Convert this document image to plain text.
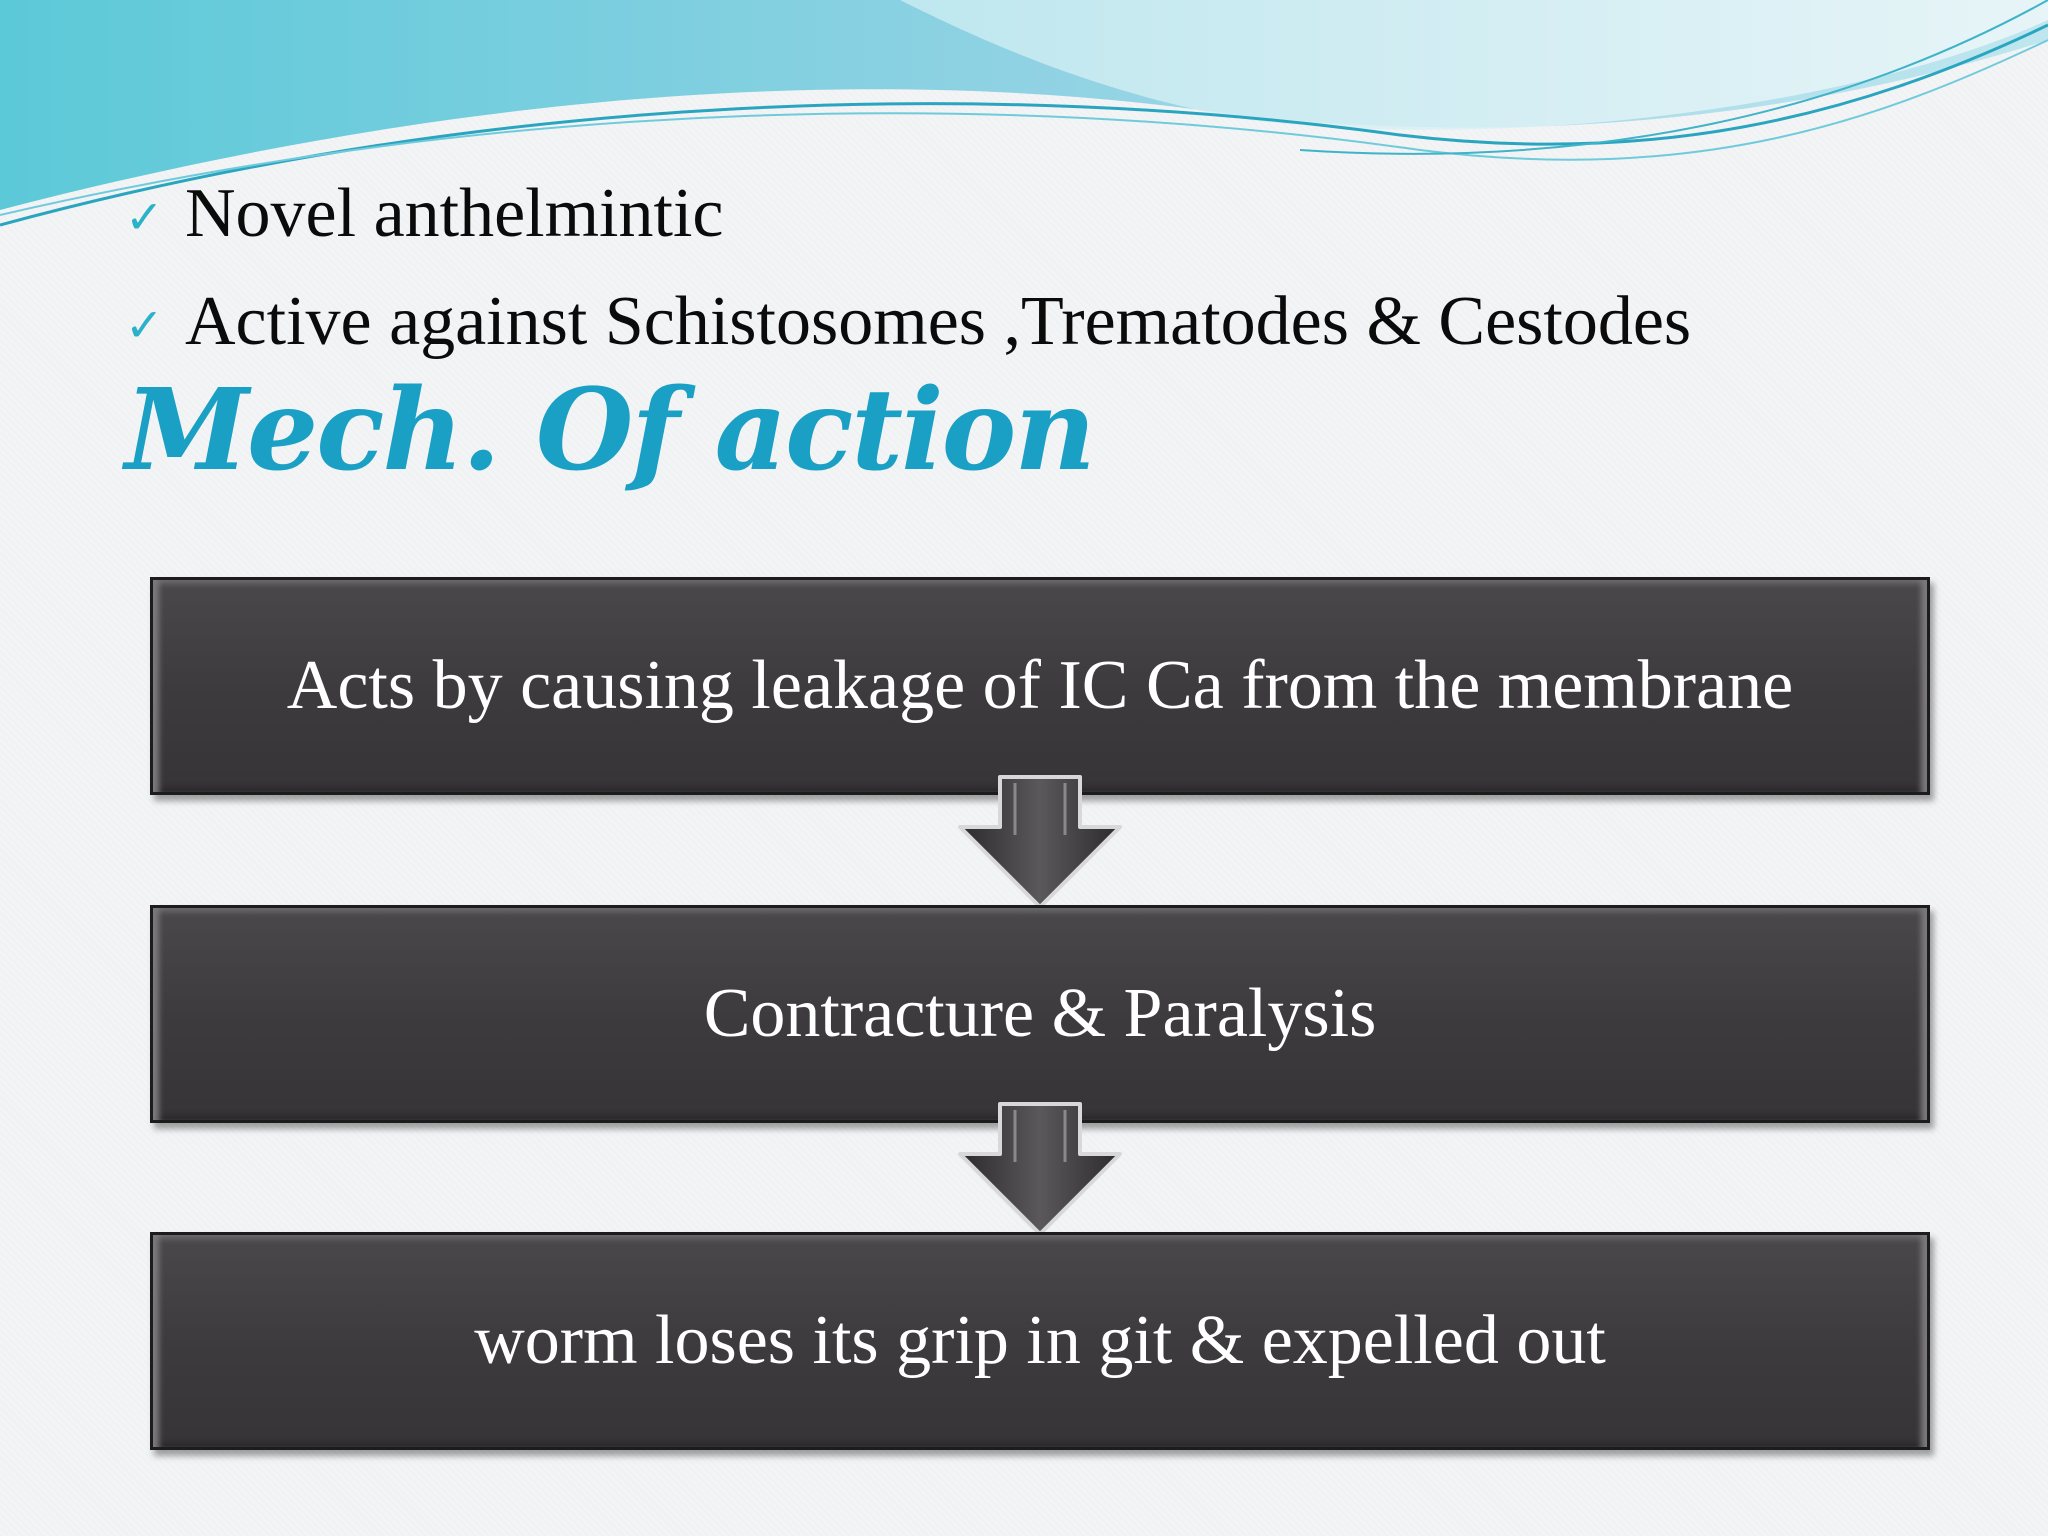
✓ Novel anthelmintic
✓ Active against Schistosomes ,Trematodes & Cestodes
Mech. Of action
Acts by causing leakage of IC Ca from the membrane
Contracture & Paralysis
worm loses its grip in git & expelled out
